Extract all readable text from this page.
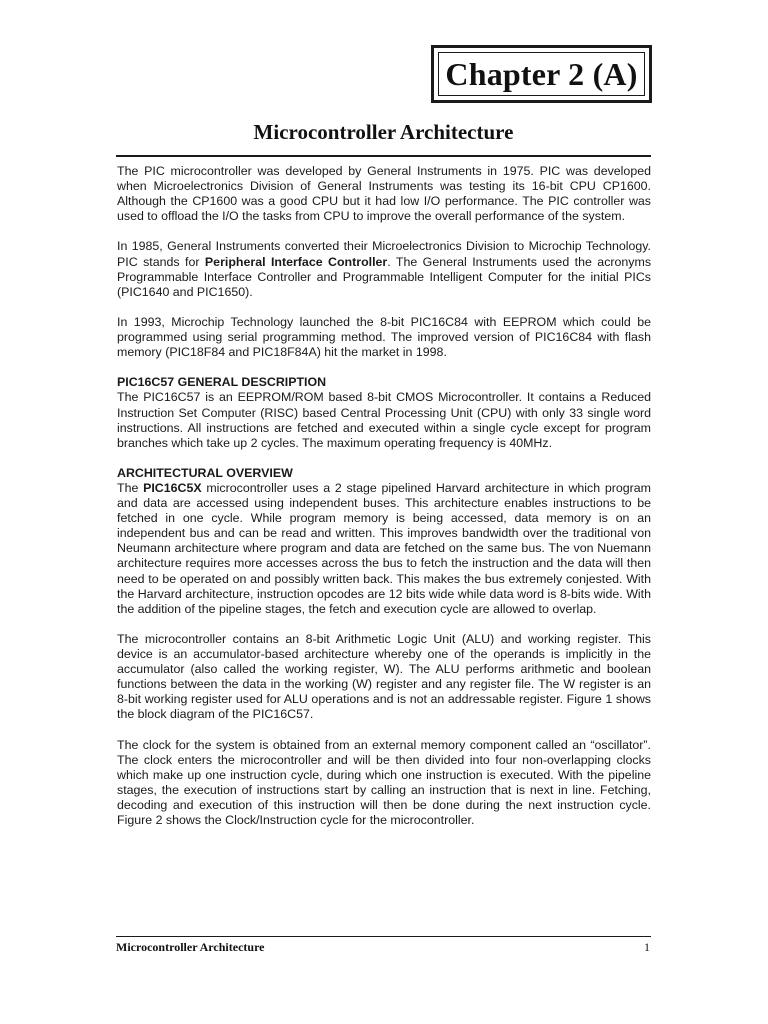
Chapter 2 (A)
Microcontroller Architecture

The PIC microcontroller was developed by General Instruments in 1975. PIC was developed when Microelectronics Division of General Instruments was testing its 16-bit CPU CP1600. Although the CP1600 was a good CPU but it had low I/O performance. The PIC controller was used to offload the I/O the tasks from CPU to improve the overall performance of the system.

In 1985, General Instruments converted their Microelectronics Division to Microchip Technology. PIC stands for Peripheral Interface Controller. The General Instruments used the acronyms Programmable Interface Controller and Programmable Intelligent Computer for the initial PICs (PIC1640 and PIC1650).

In 1993, Microchip Technology launched the 8-bit PIC16C84 with EEPROM which could be programmed using serial programming method. The improved version of PIC16C84 with flash memory (PIC18F84 and PIC18F84A) hit the market in 1998.

PIC16C57 GENERAL DESCRIPTION

The PIC16C57 is an EEPROM/ROM based 8-bit CMOS Microcontroller. It contains a Reduced Instruction Set Computer (RISC) based Central Processing Unit (CPU) with only 33 single word instructions. All instructions are fetched and executed within a single cycle except for program branches which take up 2 cycles. The maximum operating frequency is 40MHz.

ARCHITECTURAL OVERVIEW

The PIC16C5X microcontroller uses a 2 stage pipelined Harvard architecture in which program and data are accessed using independent buses. This architecture enables instructions to be fetched in one cycle. While program memory is being accessed, data memory is on an independent bus and can be read and written. This improves bandwidth over the traditional von Neumann architecture where program and data are fetched on the same bus. The von Nuemann architecture requires more accesses across the bus to fetch the instruction and the data will then need to be operated on and possibly written back. This makes the bus extremely conjested. With the Harvard architecture, instruction opcodes are 12 bits wide while data word is 8-bits wide. With the addition of the pipeline stages, the fetch and execution cycle are allowed to overlap.

The microcontroller contains an 8-bit Arithmetic Logic Unit (ALU) and working register. This device is an accumulator-based architecture whereby one of the operands is implicitly in the accumulator (also called the working register, W). The ALU performs arithmetic and boolean functions between the data in the working (W) register and any register file. The W register is an 8-bit working register used for ALU operations and is not an addressable register. Figure 1 shows the block diagram of the PIC16C57.

The clock for the system is obtained from an external memory component called an “oscillator”. The clock enters the microcontroller and will be then divided into four non-overlapping clocks which make up one instruction cycle, during which one instruction is executed. With the pipeline stages, the execution of instructions start by calling an instruction that is next in line. Fetching, decoding and execution of this instruction will then be done during the next instruction cycle. Figure 2 shows the Clock/Instruction cycle for the microcontroller.

Microcontroller Architecture	1
